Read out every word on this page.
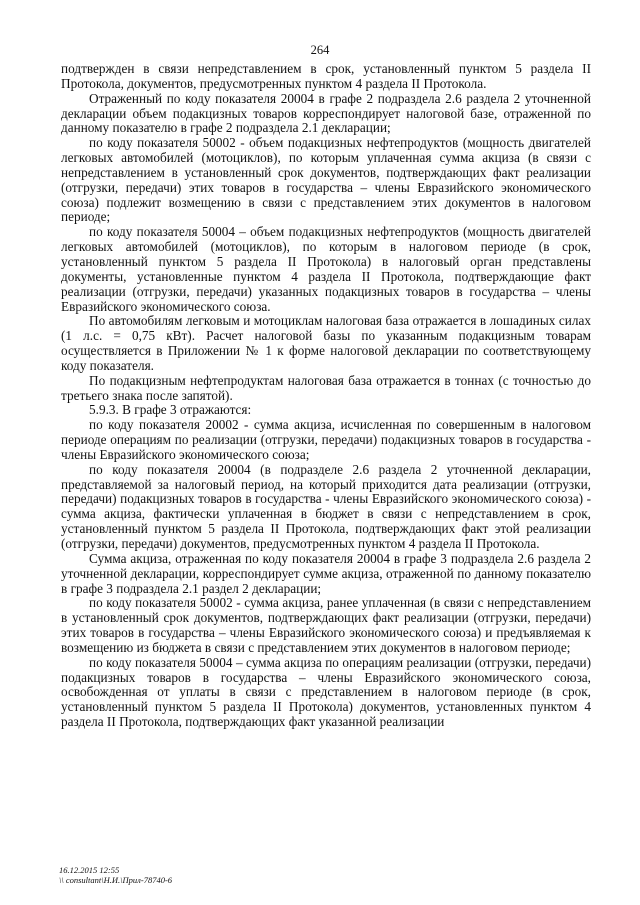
264

подтвержден в связи непредставлением в срок, установленный пунктом 5 раздела II Протокола, документов, предусмотренных пунктом 4 раздела II Протокола.

Отраженный по коду показателя 20004 в графе 2 подраздела 2.6 раздела 2 уточненной декларации объем подакцизных товаров корреспондирует налоговой базе, отраженной по данному показателю в графе 2 подраздела 2.1 декларации;

по коду показателя 50002 - объем подакцизных нефтепродуктов (мощность двигателей легковых автомобилей (мотоциклов), по которым уплаченная сумма акциза (в связи с непредставлением в установленный срок документов, подтверждающих факт реализации (отгрузки, передачи) этих товаров в государства – члены Евразийского экономического союза) подлежит возмещению в связи с представлением этих документов в налоговом периоде;

по коду показателя 50004 – объем подакцизных нефтепродуктов (мощность двигателей легковых автомобилей (мотоциклов), по которым в налоговом периоде (в срок, установленный пунктом 5 раздела II Протокола) в налоговый орган представлены документы, установленные пунктом 4 раздела II Протокола, подтверждающие факт реализации (отгрузки, передачи) указанных подакцизных товаров в государства – члены Евразийского экономического союза.

По автомобилям легковым и мотоциклам налоговая база отражается в лошадиных силах (1 л.с. = 0,75 кВт). Расчет налоговой базы по указанным подакцизным товарам осуществляется в Приложении № 1 к форме налоговой декларации по соответствующему коду показателя.

По подакцизным нефтепродуктам налоговая база отражается в тоннах (с точностью до третьего знака после запятой).

5.9.3. В графе 3 отражаются:

по коду показателя 20002 - сумма акциза, исчисленная по совершенным в налоговом периоде операциям по реализации (отгрузки, передачи) подакцизных товаров в государства - члены Евразийского экономического союза;

по коду показателя 20004 (в подразделе 2.6 раздела 2 уточненной декларации, представляемой за налоговый период, на который приходится дата реализации (отгрузки, передачи) подакцизных товаров в государства - члены Евразийского экономического союза) - сумма акциза, фактически уплаченная в бюджет в связи с непредставлением в срок, установленный пунктом 5 раздела II Протокола, подтверждающих факт этой реализации (отгрузки, передачи) документов, предусмотренных пунктом 4 раздела II Протокола.

Сумма акциза, отраженная по коду показателя 20004 в графе 3 подраздела 2.6 раздела 2 уточненной декларации, корреспондирует сумме акциза, отраженной по данному показателю в графе 3 подраздела 2.1 раздел 2 декларации;

по коду показателя 50002 - сумма акциза, ранее уплаченная (в связи с непредставлением в установленный срок документов, подтверждающих факт реализации (отгрузки, передачи) этих товаров в государства – члены Евразийского экономического союза) и предъявляемая к возмещению из бюджета в связи с представлением этих документов в налоговом периоде;

по коду показателя 50004 – сумма акциза по операциям реализации (отгрузки, передачи) подакцизных товаров в государства – члены Евразийского экономического союза, освобожденная от уплаты в связи с представлением в налоговом периоде (в срок, установленный пунктом 5 раздела II Протокола) документов, установленных пунктом 4 раздела II Протокола, подтверждающих факт указанной реализации

16.12.2015 12:55
\\ consultant\Н.И.\Прил-78740-6
